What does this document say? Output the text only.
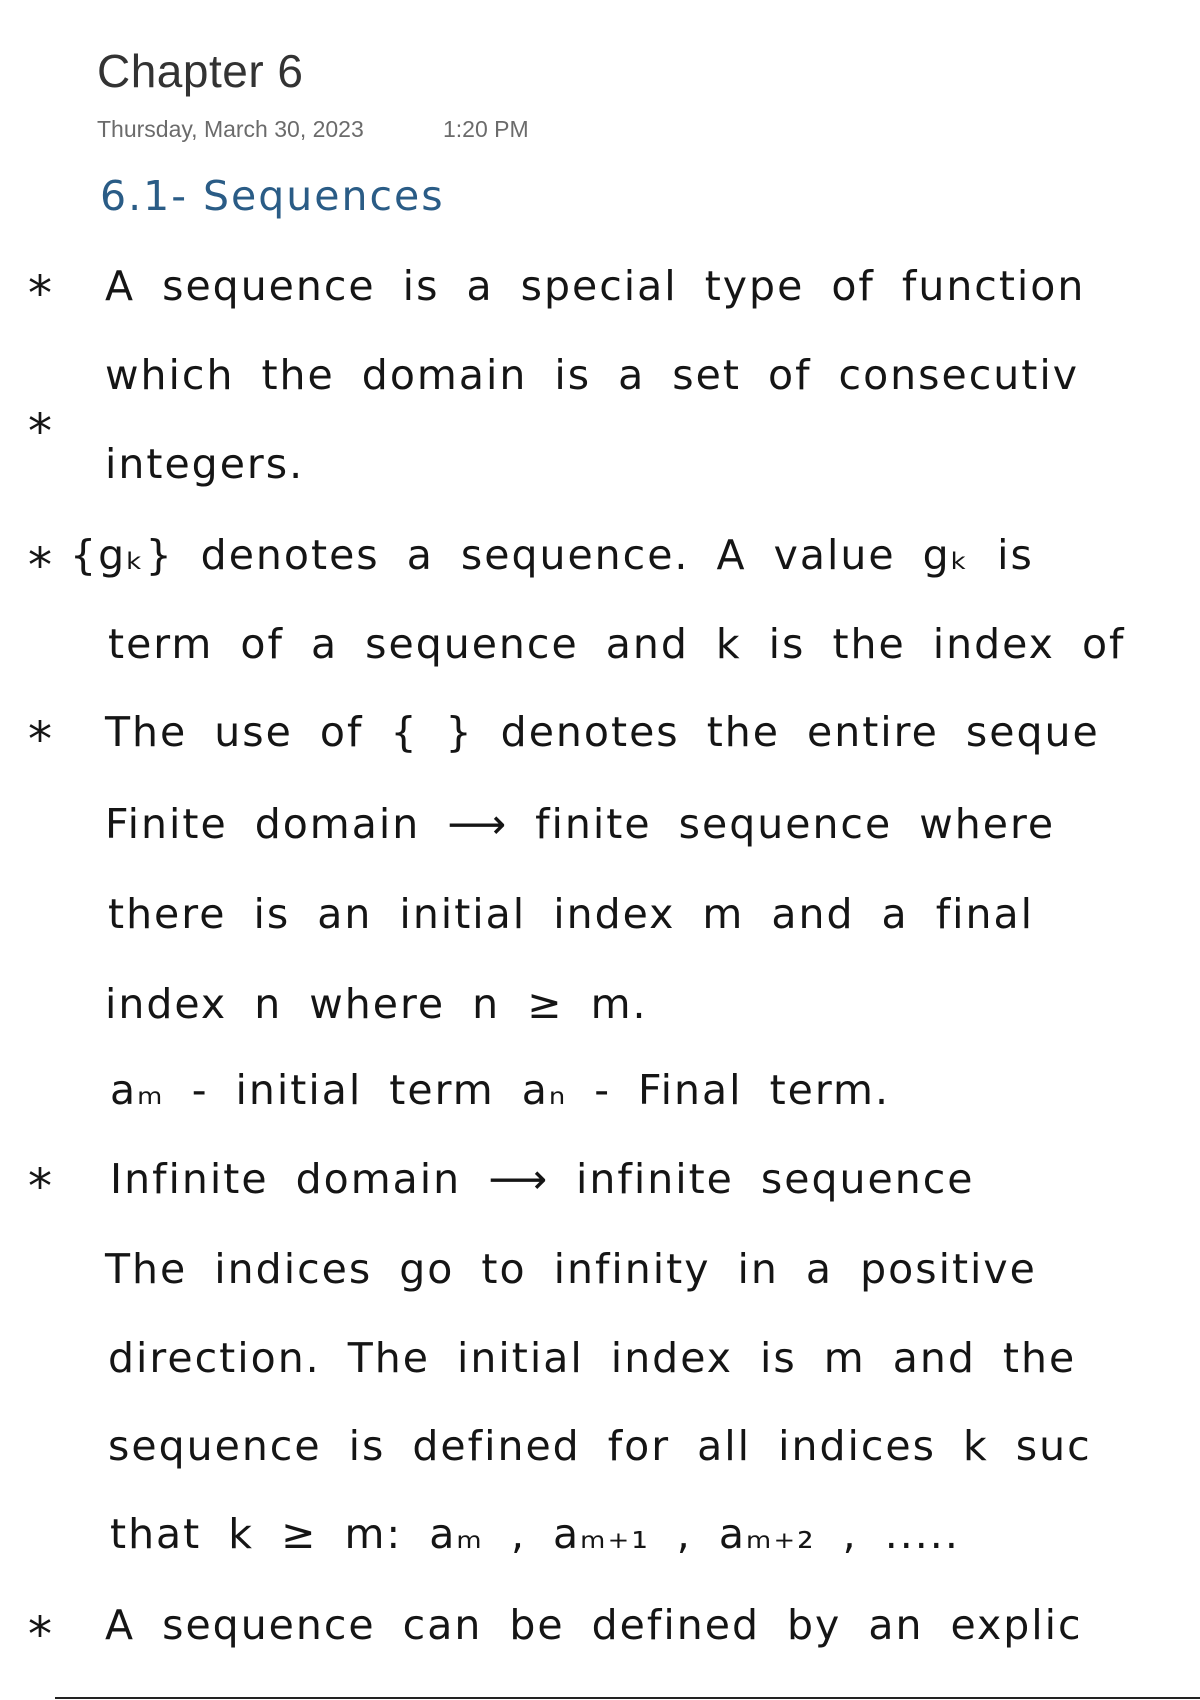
Chapter 6
Thursday, March 30, 2023	1:20 PM
6.1- Sequences
*
*
*
*
*
*
A sequence is a special type of function
which the domain is a set of consecutiv
integers.
{gₖ} denotes a sequence. A value gₖ is
term of a sequence and k is the index of
The use of { } denotes the entire seque
Finite domain ⟶ finite sequence where
there is an initial index m and a final
index n where n ≥ m.
aₘ - initial term aₙ - Final term.
Infinite domain ⟶ infinite sequence
The indices go to infinity in a positive
direction. The initial index is m and the
sequence is defined for all indices k suc
that k ≥ m: aₘ , aₘ₊₁ , aₘ₊₂ , .....
A sequence can be defined by an explic
